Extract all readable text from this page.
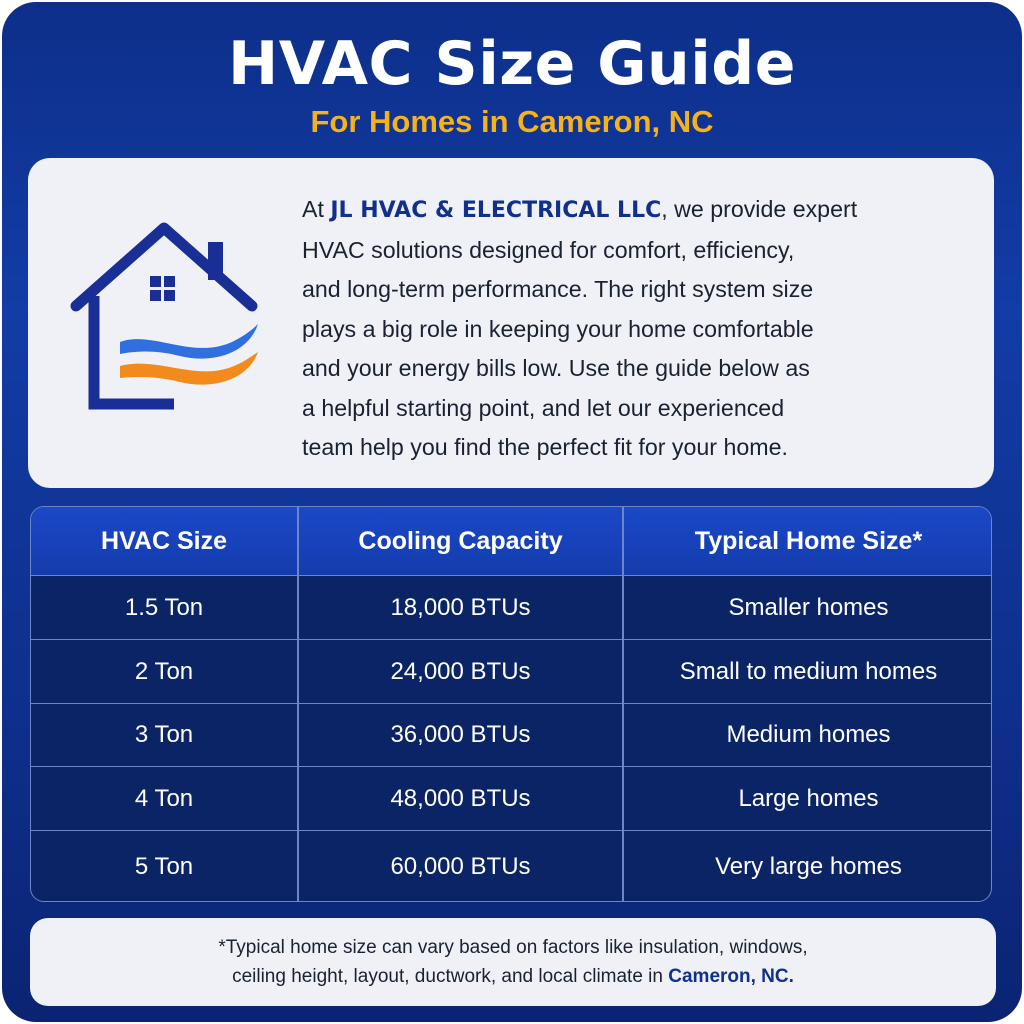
HVAC Size Guide
For Homes in Cameron, NC
At JL HVAC & ELECTRICAL LLC, we provide expert
HVAC solutions designed for comfort, efficiency,
and long-term performance. The right system size
plays a big role in keeping your home comfortable
and your energy bills low. Use the guide below as
a helpful starting point, and let our experienced
team help you find the perfect fit for your home.
HVAC Size	Cooling Capacity	Typical Home Size*
1.5 Ton	18,000 BTUs	Smaller homes
2 Ton	24,000 BTUs	Small to medium homes
3 Ton	36,000 BTUs	Medium homes
4 Ton	48,000 BTUs	Large homes
5 Ton	60,000 BTUs	Very large homes
*Typical home size can vary based on factors like insulation, windows,
ceiling height, layout, ductwork, and local climate in Cameron, NC.
